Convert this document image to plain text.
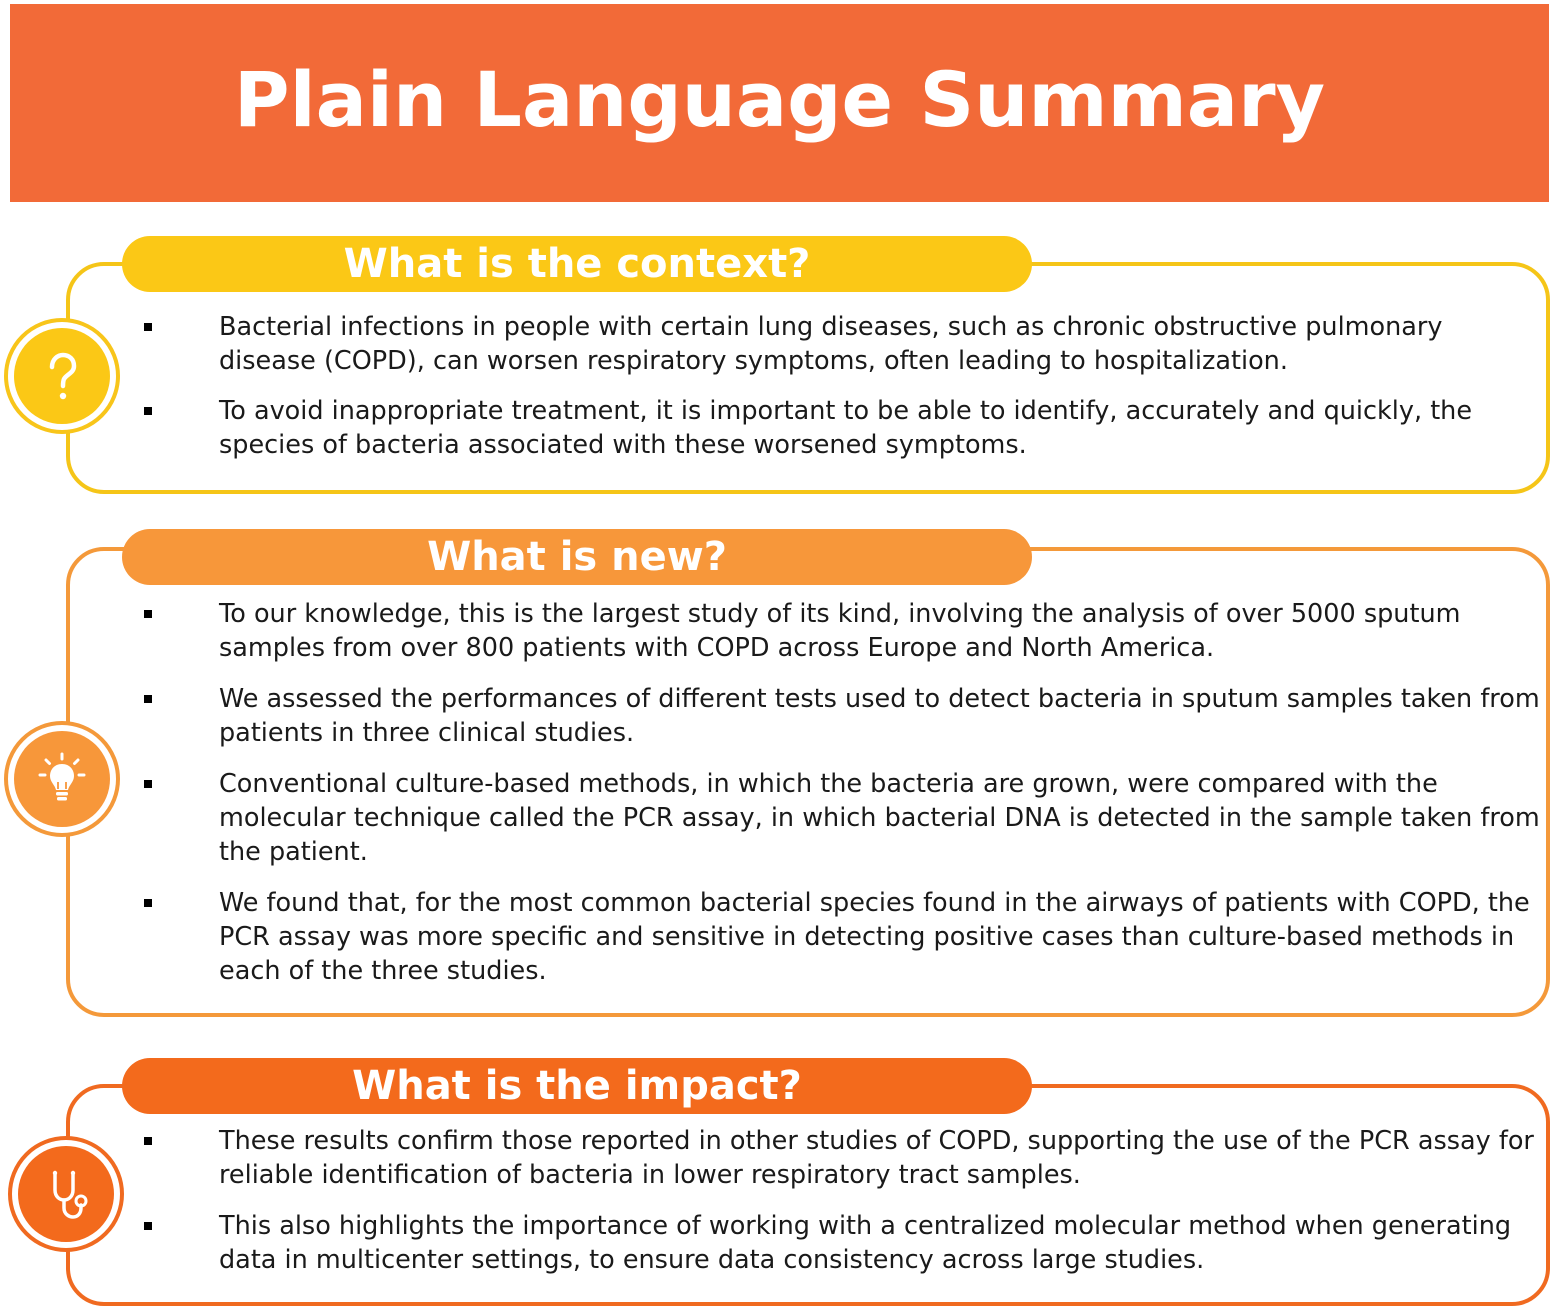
Plain Language Summary
What is the context?
Bacterial infections in people with certain lung diseases, such as chronic obstructive pulmonary disease (COPD), can worsen respiratory symptoms, often leading to hospitalization.
To avoid inappropriate treatment, it is important to be able to identify, accurately and quickly, the species of bacteria associated with these worsened symptoms.
What is new?
To our knowledge, this is the largest study of its kind, involving the analysis of over 5000 sputum samples from over 800 patients with COPD across Europe and North America.
We assessed the performances of different tests used to detect bacteria in sputum samples taken from patients in three clinical studies.
Conventional culture-based methods, in which the bacteria are grown, were compared with the molecular technique called the PCR assay, in which bacterial DNA is detected in the sample taken from the patient.
We found that, for the most common bacterial species found in the airways of patients with COPD, the PCR assay was more specific and sensitive in detecting positive cases than culture-based methods in each of the three studies.
What is the impact?
These results confirm those reported in other studies of COPD, supporting the use of the PCR assay for reliable identification of bacteria in lower respiratory tract samples.
This also highlights the importance of working with a centralized molecular method when generating data in multicenter settings, to ensure data consistency across large studies.
